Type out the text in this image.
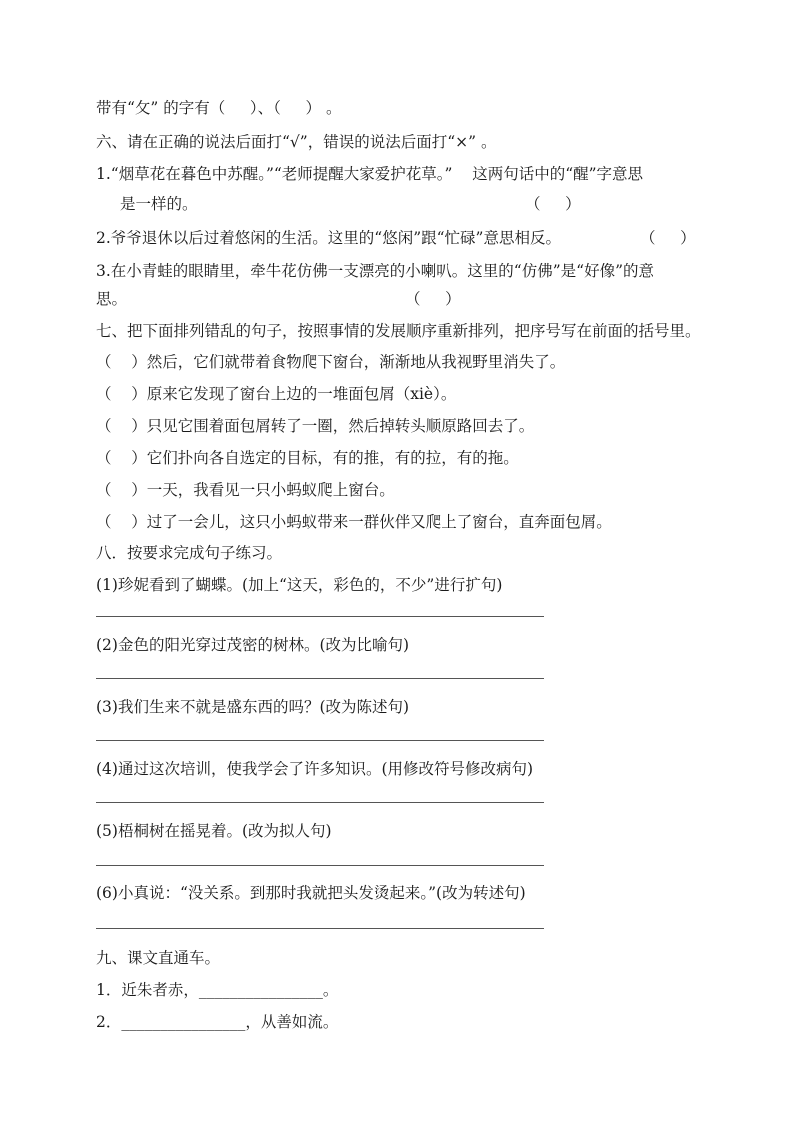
带有“攵” 的字有（     ）、（     ） 。
六、请在正确的说法后面打“√”，错误的说法后面打“×” 。
1.“烟草花在暮色中苏醒。”“老师提醒大家爱护花草。”    这两句话中的“醒”字意思
是一样的。	（     ）
2.爷爷退休以后过着悠闲的生活。这里的“悠闲”跟“忙碌”意思相反。	（     ）
3.在小青蛙的眼睛里，牵牛花仿佛一支漂亮的小喇叭。这里的“仿佛”是“好像”的意
思。	（     ）
七、把下面排列错乱的句子，按照事情的发展顺序重新排列，把序号写在前面的括号里。
（    ）然后，它们就带着食物爬下窗台，渐渐地从我视野里消失了。
（    ）原来它发现了窗台上边的一堆面包屑（xiè）。
（    ）只见它围着面包屑转了一圈，然后掉转头顺原路回去了。
（    ）它们扑向各自选定的目标，有的推，有的拉，有的拖。
（    ）一天，我看见一只小蚂蚁爬上窗台。
（    ）过了一会儿，这只小蚂蚁带来一群伙伴又爬上了窗台，直奔面包屑。
八．按要求完成句子练习。
(1)珍妮看到了蝴蝶。(加上“这天，彩色的，不少”进行扩句)
(2)金色的阳光穿过茂密的树林。(改为比喻句)
(3)我们生来不就是盛东西的吗？(改为陈述句)
(4)通过这次培训，使我学会了许多知识。(用修改符号修改病句)
(5)梧桐树在摇晃着。(改为拟人句)
(6)小真说：“没关系。到那时我就把头发烫起来。”(改为转述句)
九、课文直通车。
1．近朱者赤，________________。
2．________________，从善如流。
